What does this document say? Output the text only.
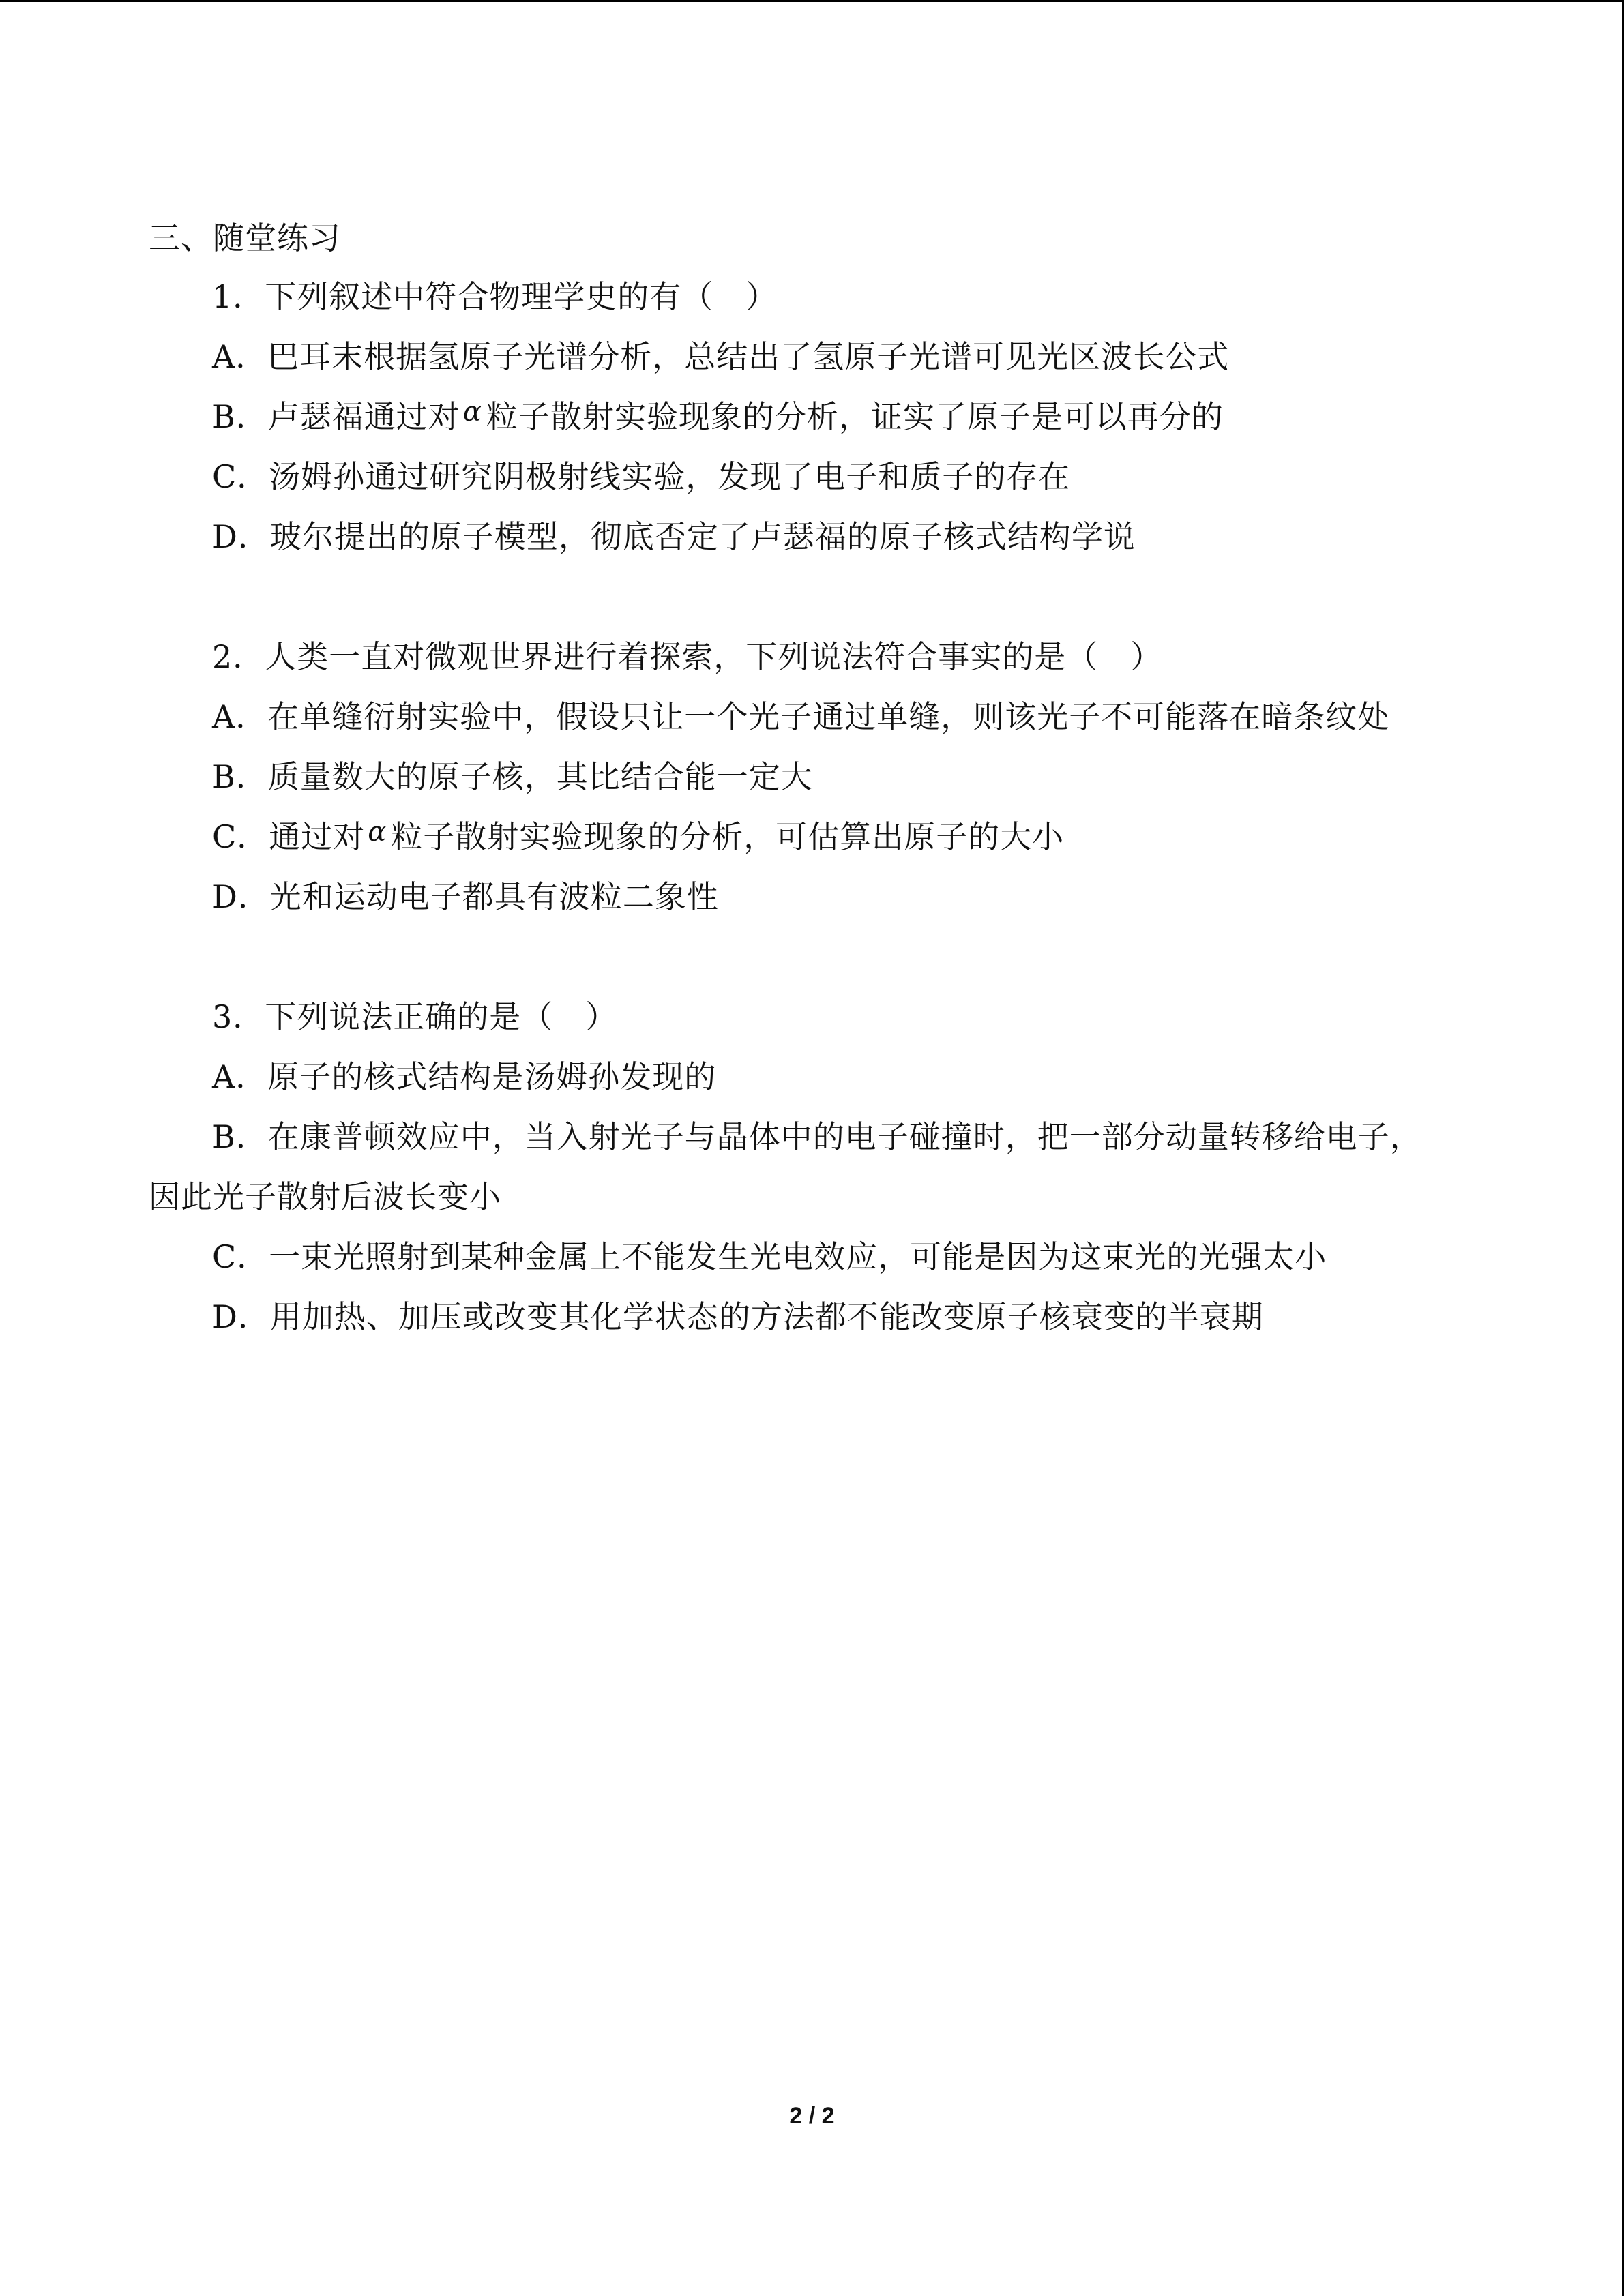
三、随堂练习
1．下列叙述中符合物理学史的有（　）
A．巴耳末根据氢原子光谱分析，总结出了氢原子光谱可见光区波长公式
B．卢瑟福通过对 α 粒子散射实验现象的分析，证实了原子是可以再分的
C．汤姆孙通过研究阴极射线实验，发现了电子和质子的存在
D．玻尔提出的原子模型，彻底否定了卢瑟福的原子核式结构学说
2．人类一直对微观世界进行着探索，下列说法符合事实的是（　）
A．在单缝衍射实验中，假设只让一个光子通过单缝，则该光子不可能落在暗条纹处
B．质量数大的原子核，其比结合能一定大
C．通过对 α 粒子散射实验现象的分析，可估算出原子的大小
D．光和运动电子都具有波粒二象性
3．下列说法正确的是（　）
A．原子的核式结构是汤姆孙发现的
B．在康普顿效应中，当入射光子与晶体中的电子碰撞时，把一部分动量转移给电子，
因此光子散射后波长变小
C．一束光照射到某种金属上不能发生光电效应，可能是因为这束光的光强太小
D．用加热、加压或改变其化学状态的方法都不能改变原子核衰变的半衰期
2 / 2
